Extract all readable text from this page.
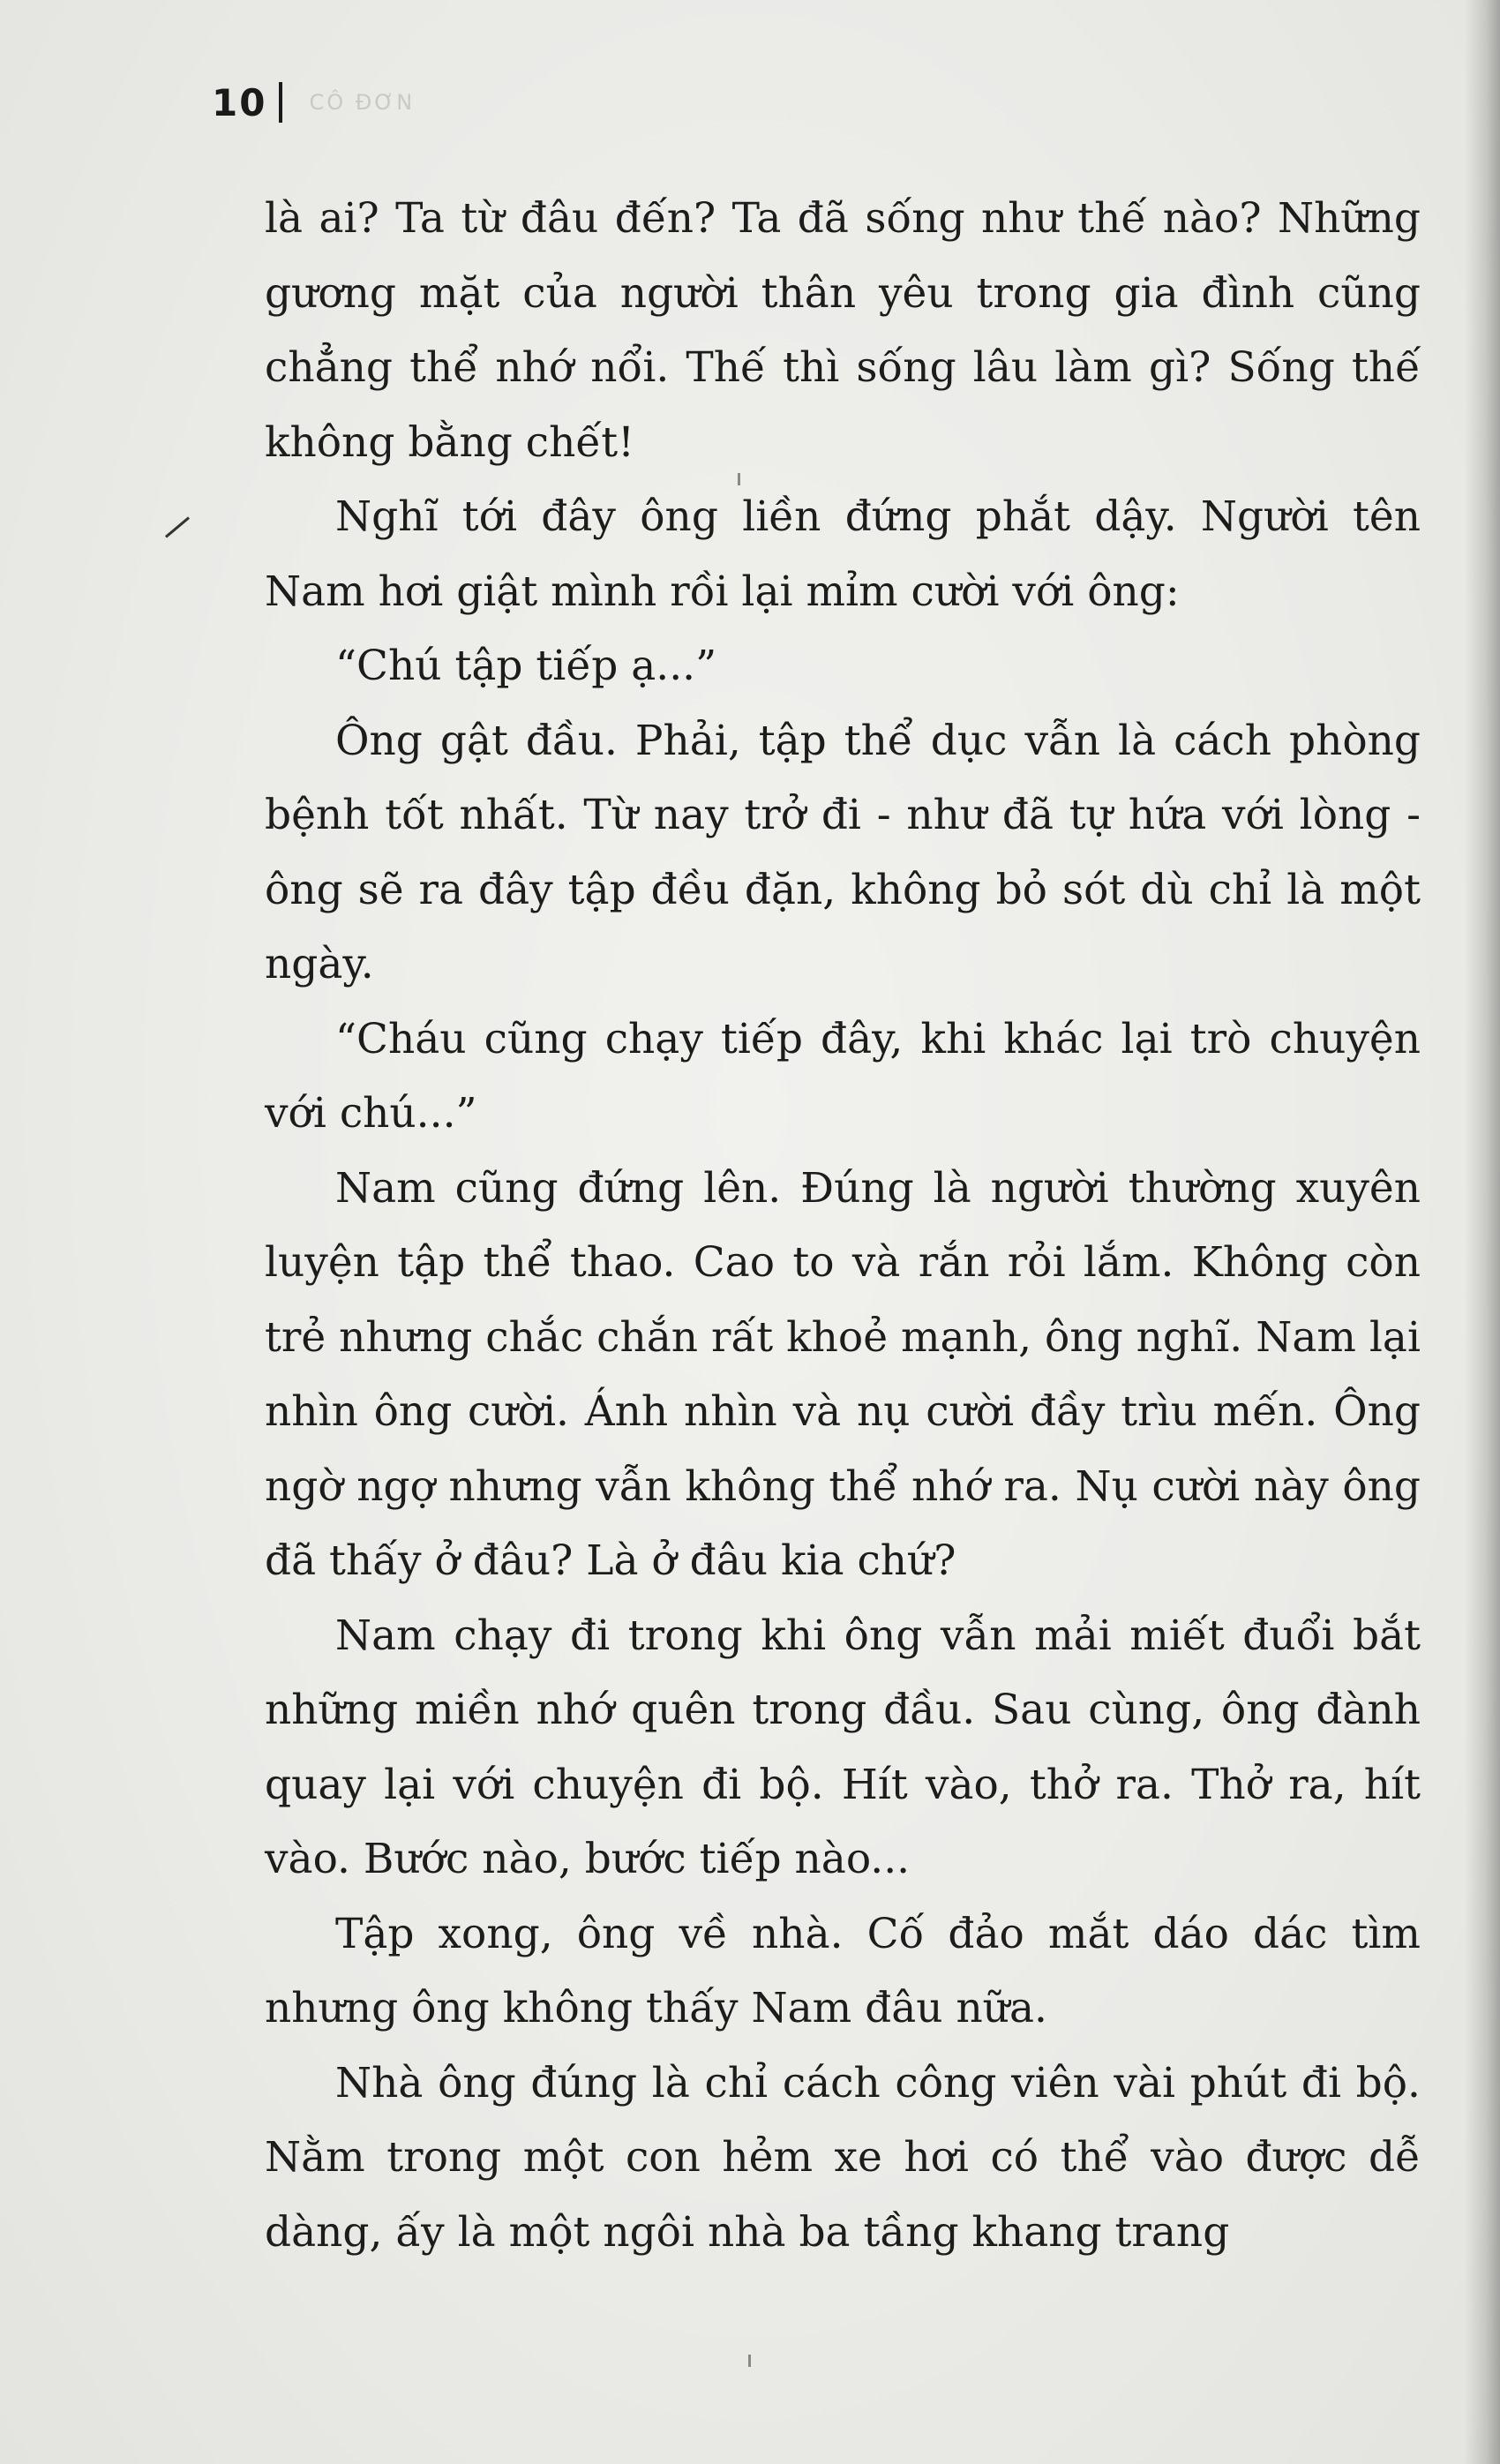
10 CÔ ĐƠN

là ai? Ta từ đâu đến? Ta đã sống như thế nào? Những gương mặt của người thân yêu trong gia đình cũng chẳng thể nhớ nổi. Thế thì sống lâu làm gì? Sống thế không bằng chết!

Nghĩ tới đây ông liền đứng phắt dậy. Người tên Nam hơi giật mình rồi lại mỉm cười với ông:

“Chú tập tiếp ạ...”

Ông gật đầu. Phải, tập thể dục vẫn là cách phòng bệnh tốt nhất. Từ nay trở đi - như đã tự hứa với lòng - ông sẽ ra đây tập đều đặn, không bỏ sót dù chỉ là một ngày.

“Cháu cũng chạy tiếp đây, khi khác lại trò chuyện với chú...”

Nam cũng đứng lên. Đúng là người thường xuyên luyện tập thể thao. Cao to và rắn rỏi lắm. Không còn trẻ nhưng chắc chắn rất khoẻ mạnh, ông nghĩ. Nam lại nhìn ông cười. Ánh nhìn và nụ cười đầy trìu mến. Ông ngờ ngợ nhưng vẫn không thể nhớ ra. Nụ cười này ông đã thấy ở đâu? Là ở đâu kia chứ?

Nam chạy đi trong khi ông vẫn mải miết đuổi bắt những miền nhớ quên trong đầu. Sau cùng, ông đành quay lại với chuyện đi bộ. Hít vào, thở ra. Thở ra, hít vào. Bước nào, bước tiếp nào...

Tập xong, ông về nhà. Cố đảo mắt dáo dác tìm nhưng ông không thấy Nam đâu nữa.

Nhà ông đúng là chỉ cách công viên vài phút đi bộ. Nằm trong một con hẻm xe hơi có thể vào được dễ dàng, ấy là một ngôi nhà ba tầng khang trang
